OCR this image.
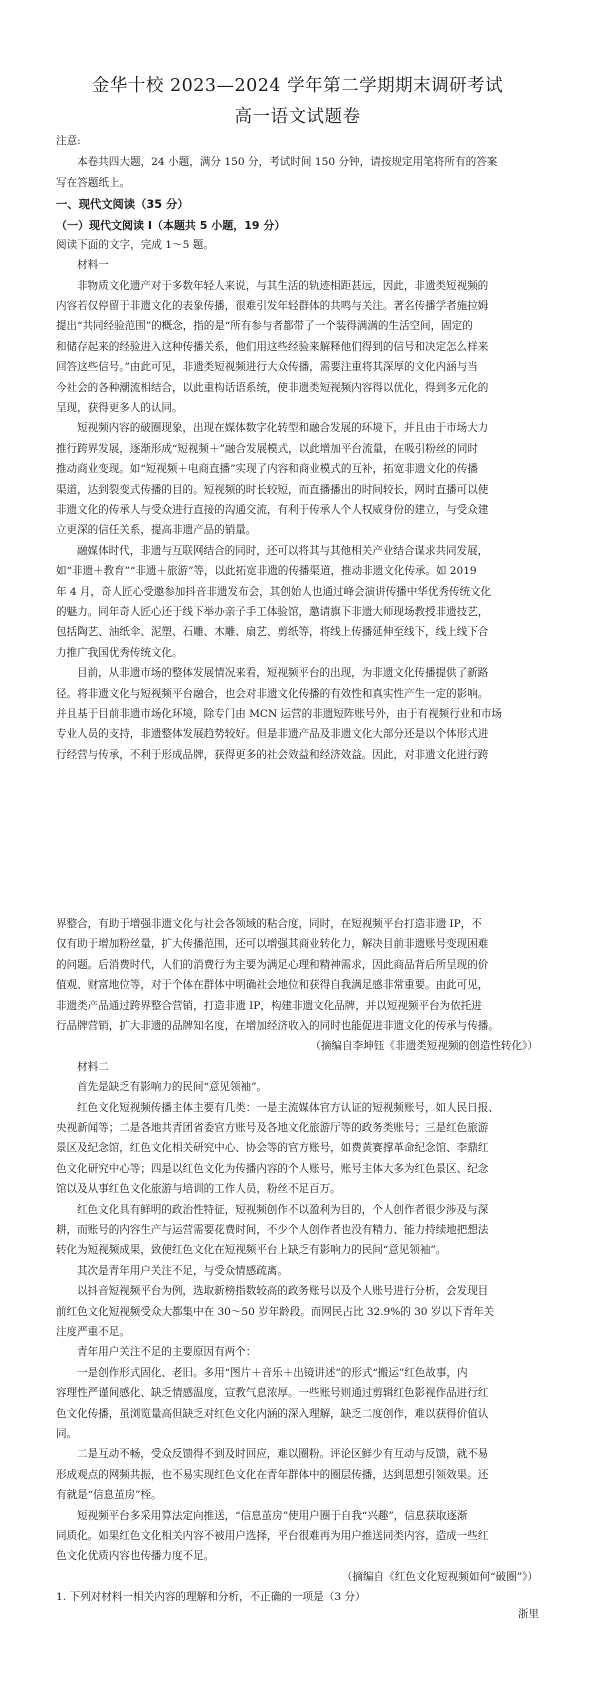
金华十校 2023—2024 学年第二学期期末调研考试
高一语文试题卷
注意:
本卷共四大题，24 小题，满分 150 分，考试时间 150 分钟，请按规定用笔将所有的答案
写在答题纸上。
一、现代文阅读（35 分）
（一）现代文阅读 I（本题共 5 小题，19 分）
阅读下面的文字，完成 1～5 题。
材料一
非物质文化遗产对于多数年轻人来说，与其生活的轨迹相距甚远，因此，非遗类短视频的
内容若仅停留于非遗文化的表象传播，很难引发年轻群体的共鸣与关注。著名传播学者施拉姆
提出“共同经验范围”的概念，指的是“所有参与者都带了一个装得满满的生活空间，固定的
和储存起来的经验进入这种传播关系，他们用这些经验来解释他们得到的信号和决定怎么样来
回答这些信号。”由此可见，非遗类短视频进行大众传播，需要注重将其深厚的文化内涵与当
今社会的各种潮流相结合，以此重构话语系统，使非遗类短视频内容得以优化，得到多元化的
呈现，获得更多人的认同。
短视频内容的破圈现象，出现在媒体数字化转型和融合发展的环境下，并且由于市场大力
推行跨界发展，逐渐形成“短视频＋”融合发展模式，以此增加平台流量，在吸引粉丝的同时
推动商业变现。如“短视频＋电商直播”实现了内容和商业模式的互补，拓宽非遗文化的传播
渠道，达到裂变式传播的目的。短视频的时长较短，而直播播出的时间较长，网时直播可以使
非遗文化的传承人与受众进行直接的沟通交流，有利于传承人个人权威身份的建立，与受众建
立更深的信任关系，提高非遗产品的销量。
融媒体时代，非遗与互联网结合的同时，还可以将其与其他相关产业结合谋求共同发展，
如“非遗＋教育”“非遗＋旅游”等，以此拓宽非遗的传播渠道，推动非遗文化传承。如 2019
年 4 月，奇人匠心受邀参加抖音非遗发布会，其创始人也通过峰会演讲传播中华优秀传统文化
的魅力。同年奇人匠心还于线下举办亲子手工体验馆，邀请旗下非遗大师现场教授非遗技艺，
包括陶艺、油纸伞、泥塑、石雕、木雕、扇艺、剪纸等，将线上传播延伸至线下，线上线下合
力推广我国优秀传统文化。
目前，从非遗市场的整体发展情况来看，短视频平台的出现，为非遗文化传播提供了新路
径。将非遗文化与短视频平台融合，也会对非遗文化传播的有效性和真实性产生一定的影响。
并且基于目前非遗市场化环境，除专门由 MCN 运营的非遗短阵账号外，由于有视频行业和市场
专业人员的支持，非遗整体发展趋势较好。但是非遗产品及非遗文化大部分还是以个体形式进
行经营与传承，不利于形成品牌，获得更多的社会效益和经济效益。因此，对非遗文化进行跨
界整合，有助于增强非遗文化与社会各领域的粘合度，同时，在短视频平台打造非遗 IP，不
仅有助于增加粉丝量，扩大传播范围，还可以增强其商业转化力，解决目前非遗账号变现困难
的问题。后消费时代，人们的消费行为主要为满足心理和精神需求，因此商品背后所呈现的价
值观、财富地位等，对于个体在群体中明确社会地位和获得自我满足感非常重要。由此可见，
非遗类产品通过跨界整合营销，打造非遗 IP，构建非遗文化品牌，并以短视频平台为依托进
行品牌营销，扩大非遗的品牌知名度，在增加经济收入的同时也能促进非遗文化的传承与传播。
（摘编自李坤钰《非遗类短视频的创造性转化》）
材料二
首先是缺乏有影响力的民间“意见领袖”。
红色文化短视频传播主体主要有几类：一是主流媒体官方认证的短视频账号，如人民日报、
央视新闻等；二是各地共青团省委官方账号及各地文化旅游厅等的政务类账号；三是红色旅游
景区及纪念馆，红色文化相关研究中心、协会等的官方账号，如费黄赛撑革命纪念馆、李鼎红
色文化研究中心等；四是以红色文化为传播内容的个人账号，账号主体大多为红色景区、纪念
馆以及从事红色文化旅游与培训的工作人员，粉丝不足百万。
红色文化具有鲜明的政治性特征，短视频创作不以盈利为目的，个人创作者很少涉及与深
耕，而账号的内容生产与运营需要花费时间，不少个人创作者也没有精力、能力持续地把想法
转化为短视频成果，致使红色文化在短视频平台上缺乏有影响力的民间“意见领袖”。
其次是青年用户关注不足，与受众情感疏离。
以抖音短视频平台为例，选取新榜指数较高的政务账号以及个人账号进行分析，会发现目
前红色文化短视频受众大都集中在 30～50 岁年龄段。而网民占比 32.9%的 30 岁以下青年关
注度严重不足。
青年用户关注不足的主要原因有两个：
一是创作形式固化、老旧。多用“图片＋音乐＋出镜讲述”的形式“搬运”红色故事，内
容理性严谨间感化、缺乏情感温度，宣教气息浓厚。一些账号则通过剪辑红色影视作品进行红
色文化传播，虽浏览量高但缺乏对红色文化内涵的深入理解，缺乏二度创作，难以获得价值认
同。
二是互动不畅，受众反馈得不到及时回应，难以圈粉。评论区鲜少有互动与反馈，就不易
形成观点的网频共振，也不易实现红色文化在青年群体中的圈层传播，达到思想引领效果。还
有就是“信息茧房”桎。
短视频平台多采用算法定向推送，“信息茧房”使用户圈于自我“兴趣”，信息获取逐渐
同质化。如果红色文化相关内容不被用户选择，平台很难再为用户推送同类内容，造成一些红
色文化优质内容也传播力度不足。
（摘编自《红色文化短视频如何“破圈”》）
1. 下列对材料一相关内容的理解和分析，不正确的一项是（3 分）
浙里
